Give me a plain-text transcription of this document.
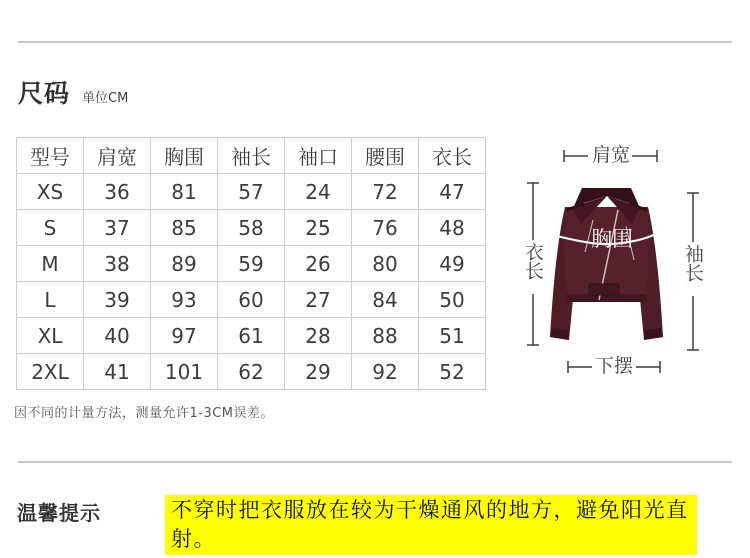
尺码 单位CM
型号	肩宽	胸围	袖长	袖口	腰围	衣长
XS	36	81	57	24	72	47
S	37	85	58	25	76	48
M	38	89	59	26	80	49
L	39	93	60	27	84	50
XL	40	97	61	28	88	51
2XL	41	101	62	29	92	52
因不同的计量方法，测量允许1-3CM误差。
肩宽
衣长	袖长
下摆
胸围
温馨提示	不穿时把衣服放在较为干燥通风的地方，避免阳光直射。
